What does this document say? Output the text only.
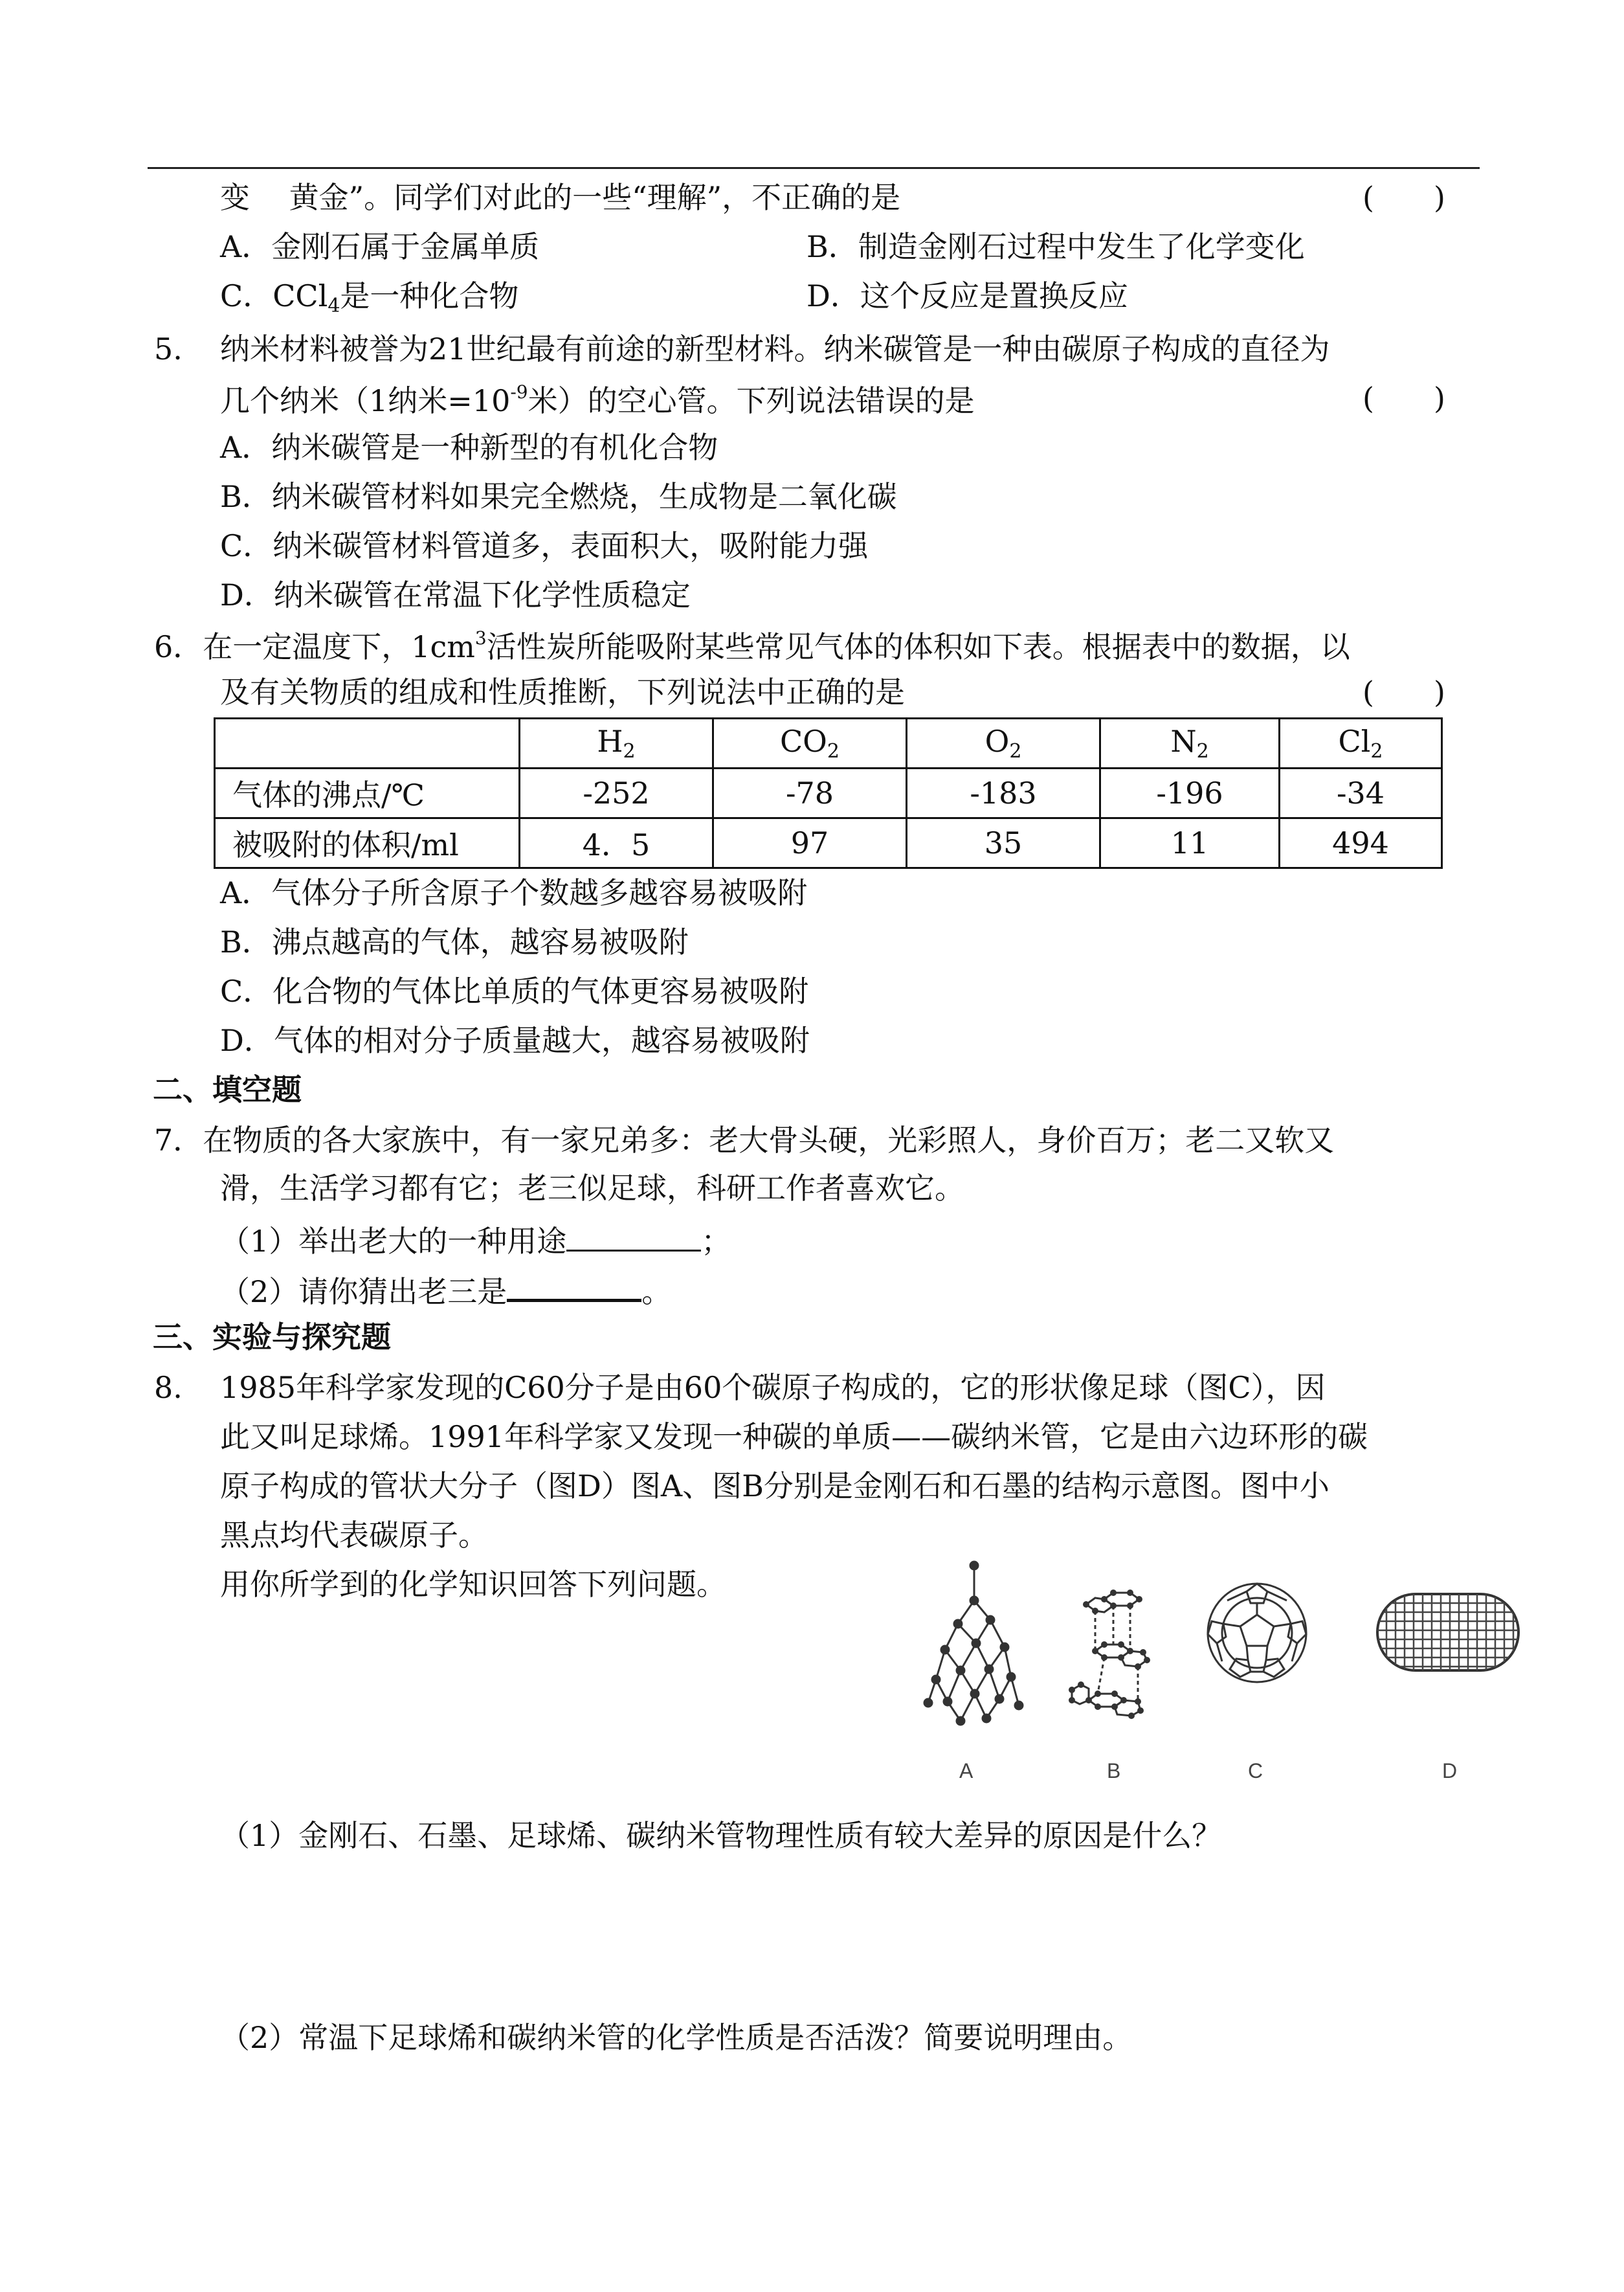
变　 黄金”。同学们对此的一些“理解”，不正确的是	(　　)
A．金刚石属于金属单质	B．制造金刚石过程中发生了化学变化
C．CCl$_4$是一种化合物	D．这个反应是置换反应
5. 纳米材料被誉为21世纪最有前途的新型材料。纳米碳管是一种由碳原子构成的直径为
几个纳米（1纳米$=10^{-9}$米）的空心管。下列说法错误的是	(　　)
A．纳米碳管是一种新型的有机化合物
B．纳米碳管材料如果完全燃烧，生成物是二氧化碳
C．纳米碳管材料管道多，表面积大，吸附能力强
D．纳米碳管在常温下化学性质稳定
6．在一定温度下，$1cm^3$活性炭所能吸附某些常见气体的体积如下表。根据表中的数据，以
及有关物质的组成和性质推断，下列说法中正确的是	(　　)
	$H_2$	$CO_2$	$O_2$	$N_2$	$Cl_2$
气体的沸点/℃	-252	-78	-183	-196	-34
被吸附的体积/ml	4．5	97	35	11	494
A．气体分子所含原子个数越多越容易被吸附
B．沸点越高的气体，越容易被吸附
C．化合物的气体比单质的气体更容易被吸附
D．气体的相对分子质量越大，越容易被吸附
二、填空题
7．在物质的各大家族中，有一家兄弟多：老大骨头硬，光彩照人，身价百万；老二又软又
滑，生活学习都有它；老三似足球，科研工作者喜欢它。
（1）举出老大的一种用途	；
（2）请你猜出老三是	。
三、实验与探究题
8. 1985年科学家发现的C60分子是由60个碳原子构成的，它的形状像足球（图C），因
此又叫足球烯。1991年科学家又发现一种碳的单质——碳纳米管，它是由六边环形的碳
原子构成的管状大分子（图D）图A、图B分别是金刚石和石墨的结构示意图。图中小
黑点均代表碳原子。
用你所学到的化学知识回答下列问题。
A	B	C	D
（1）金刚石、石墨、足球烯、碳纳米管物理性质有较大差异的原因是什么？
（2）常温下足球烯和碳纳米管的化学性质是否活泼？简要说明理由。
